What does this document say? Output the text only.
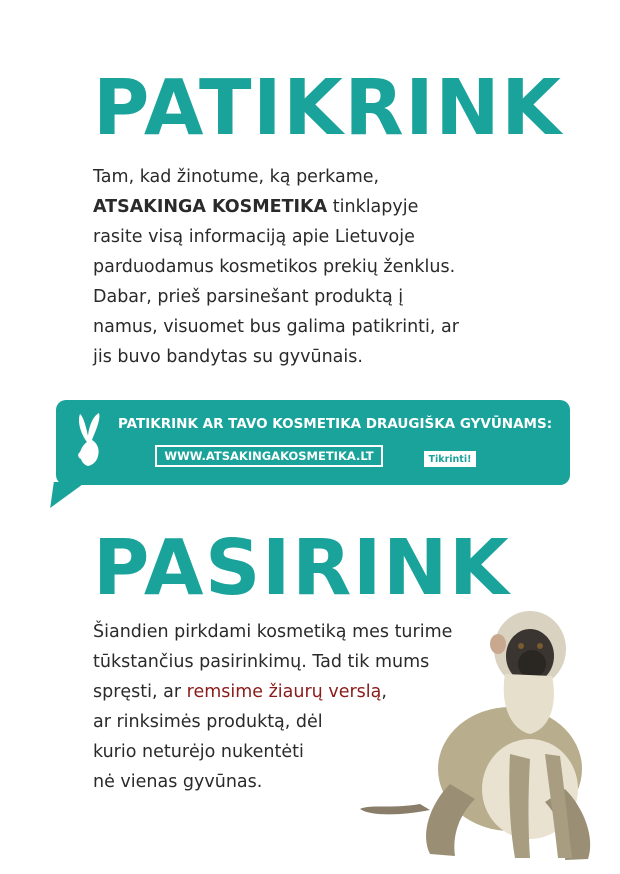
PATIKRINK

Tam, kad žinotume, ką perkame,
ATSAKINGA KOSMETIKA tinklapyje
rasite visą informaciją apie Lietuvoje
parduodamus kosmetikos prekių ženklus.
Dabar, prieš parsinešant produktą į
namus, visuomet bus galima patikrinti, ar
jis buvo bandytas su gyvūnais.

PATIKRINK AR TAVO KOSMETIKA DRAUGIŠKA GYVŪNAMS:
WWW.ATSAKINGAKOSMETIKA.LT	Tikrinti!
PASIRINK

Šiandien pirkdami kosmetiką mes turime
tūkstančius pasirinkimų. Tad tik mums
spręsti, ar remsime žiaurų verslą,
ar rinksimės produktą, dėl
kurio neturėjo nukentėti
nė vienas gyvūnas.
